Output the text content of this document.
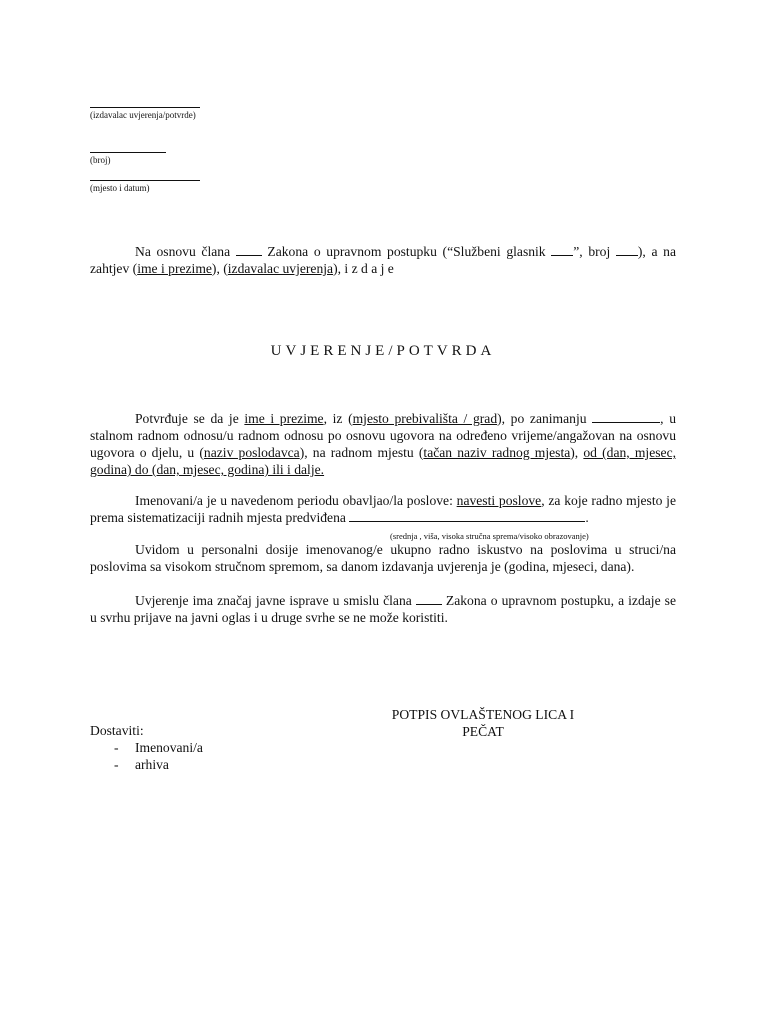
(izdavalac uvjerenja/potvrde)
(broj)
(mjesto i datum)
Na osnovu člana  Zakona o upravnom postupku (“Službeni glasnik ”, broj ), a na zahtjev (ime i prezime), (izdavalac uvjerenja), i z d a j e
UVJERENJE/POTVRDA
Potvrđuje se da je ime i prezime, iz (mjesto prebivališta / grad), po zanimanju	, u stalnom radnom odnosu/u radnom odnosu po osnovu ugovora na određeno vrijeme/angažovan na osnovu ugovora o djelu, u (naziv poslodavca), na radnom mjestu (tačan naziv radnog mjesta), od (dan, mjesec, godina) do (dan, mjesec, godina) ili i dalje.
Imenovani/a je u navedenom periodu obavljao/la poslove: navesti poslove, za koje radno mjesto je prema sistematizaciji radnih mjesta predviđena	.
(srednja , viša, visoka stručna sprema/visoko obrazovanje)
Uvidom u personalni dosije imenovanog/e ukupno radno iskustvo na poslovima u struci/na poslovima sa visokom stručnom spremom, sa danom izdavanja uvjerenja je (godina, mjeseci, dana).
Uvjerenje ima značaj javne isprave u smislu člana  Zakona o upravnom postupku, a izdaje se u svrhu prijave na javni oglas i u druge svrhe se ne može koristiti.
POTPIS OVLAŠTENOG LICA I
PEČAT
Dostaviti:
- Imenovani/a
- arhiva
